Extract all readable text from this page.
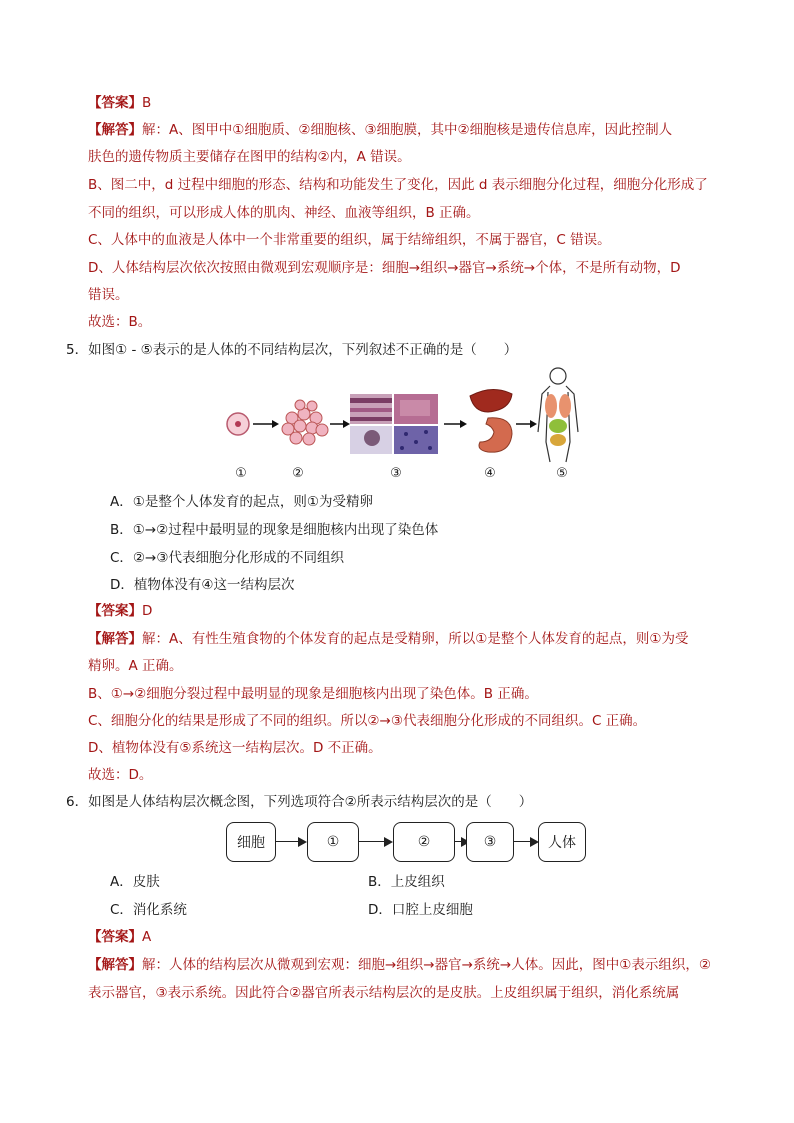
【答案】B
【解答】解：A、图甲中①细胞质、②细胞核、③细胞膜，其中②细胞核是遗传信息库，因此控制人
肤色的遗传物质主要储存在图甲的结构②内，A 错误。
B、图二中，d 过程中细胞的形态、结构和功能发生了变化，因此 d 表示细胞分化过程，细胞分化形成了
不同的组织，可以形成人体的肌肉、神经、血液等组织，B 正确。
C、人体中的血液是人体中一个非常重要的组织，属于结缔组织，不属于器官，C 错误。
D、人体结构层次依次按照由微观到宏观顺序是：细胞→组织→器官→系统→个体，不是所有动物，D
错误。
故选：B。
5．如图① - ⑤表示的是人体的不同结构层次，下列叙述不正确的是（　　）
①	②	③	④	⑤
A．①是整个人体发育的起点，则①为受精卵
B．①→②过程中最明显的现象是细胞核内出现了染色体
C．②→③代表细胞分化形成的不同组织
D．植物体没有④这一结构层次
【答案】D
【解答】解：A、有性生殖食物的个体发育的起点是受精卵，所以①是整个人体发育的起点，则①为受
精卵。A 正确。
B、①→②细胞分裂过程中最明显的现象是细胞核内出现了染色体。B 正确。
C、细胞分化的结果是形成了不同的组织。所以②→③代表细胞分化形成的不同组织。C 正确。
D、植物体没有⑤系统这一结构层次。D 不正确。
故选：D。
6．如图是人体结构层次概念图，下列选项符合②所表示结构层次的是（　　）
细胞	①	②	③	人体
A．皮肤	B．上皮组织
C．消化系统	D．口腔上皮细胞
【答案】A
【解答】解：人体的结构层次从微观到宏观：细胞→组织→器官→系统→人体。因此，图中①表示组织，②
表示器官，③表示系统。因此符合②器官所表示结构层次的是皮肤。上皮组织属于组织，消化系统属
